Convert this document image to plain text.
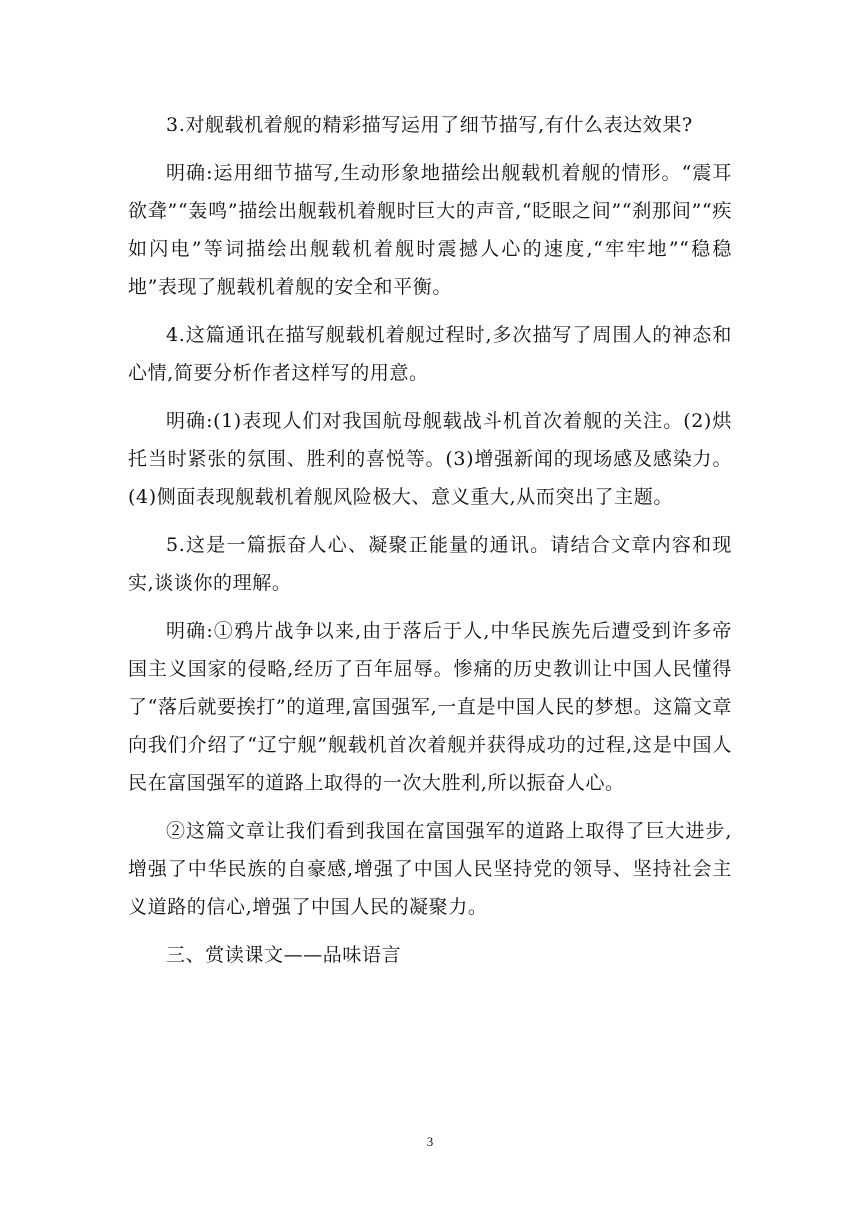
3.对舰载机着舰的精彩描写运用了细节描写,有什么表达效果?

明确:运用细节描写,生动形象地描绘出舰载机着舰的情形。“震耳欲聋”“轰鸣”描绘出舰载机着舰时巨大的声音,“眨眼之间”“刹那间”“疾如闪电”等词描绘出舰载机着舰时震撼人心的速度,“牢牢地”“稳稳地”表现了舰载机着舰的安全和平衡。

4.这篇通讯在描写舰载机着舰过程时,多次描写了周围人的神态和心情,简要分析作者这样写的用意。

明确:(1)表现人们对我国航母舰载战斗机首次着舰的关注。(2)烘托当时紧张的氛围、胜利的喜悦等。(3)增强新闻的现场感及感染力。(4)侧面表现舰载机着舰风险极大、意义重大,从而突出了主题。

5.这是一篇振奋人心、凝聚正能量的通讯。请结合文章内容和现实,谈谈你的理解。

明确:①鸦片战争以来,由于落后于人,中华民族先后遭受到许多帝国主义国家的侵略,经历了百年屈辱。惨痛的历史教训让中国人民懂得了“落后就要挨打”的道理,富国强军,一直是中国人民的梦想。这篇文章向我们介绍了“辽宁舰”舰载机首次着舰并获得成功的过程,这是中国人民在富国强军的道路上取得的一次大胜利,所以振奋人心。

②这篇文章让我们看到我国在富国强军的道路上取得了巨大进步,增强了中华民族的自豪感,增强了中国人民坚持党的领导、坚持社会主义道路的信心,增强了中国人民的凝聚力。

三、赏读课文——品味语言

3
